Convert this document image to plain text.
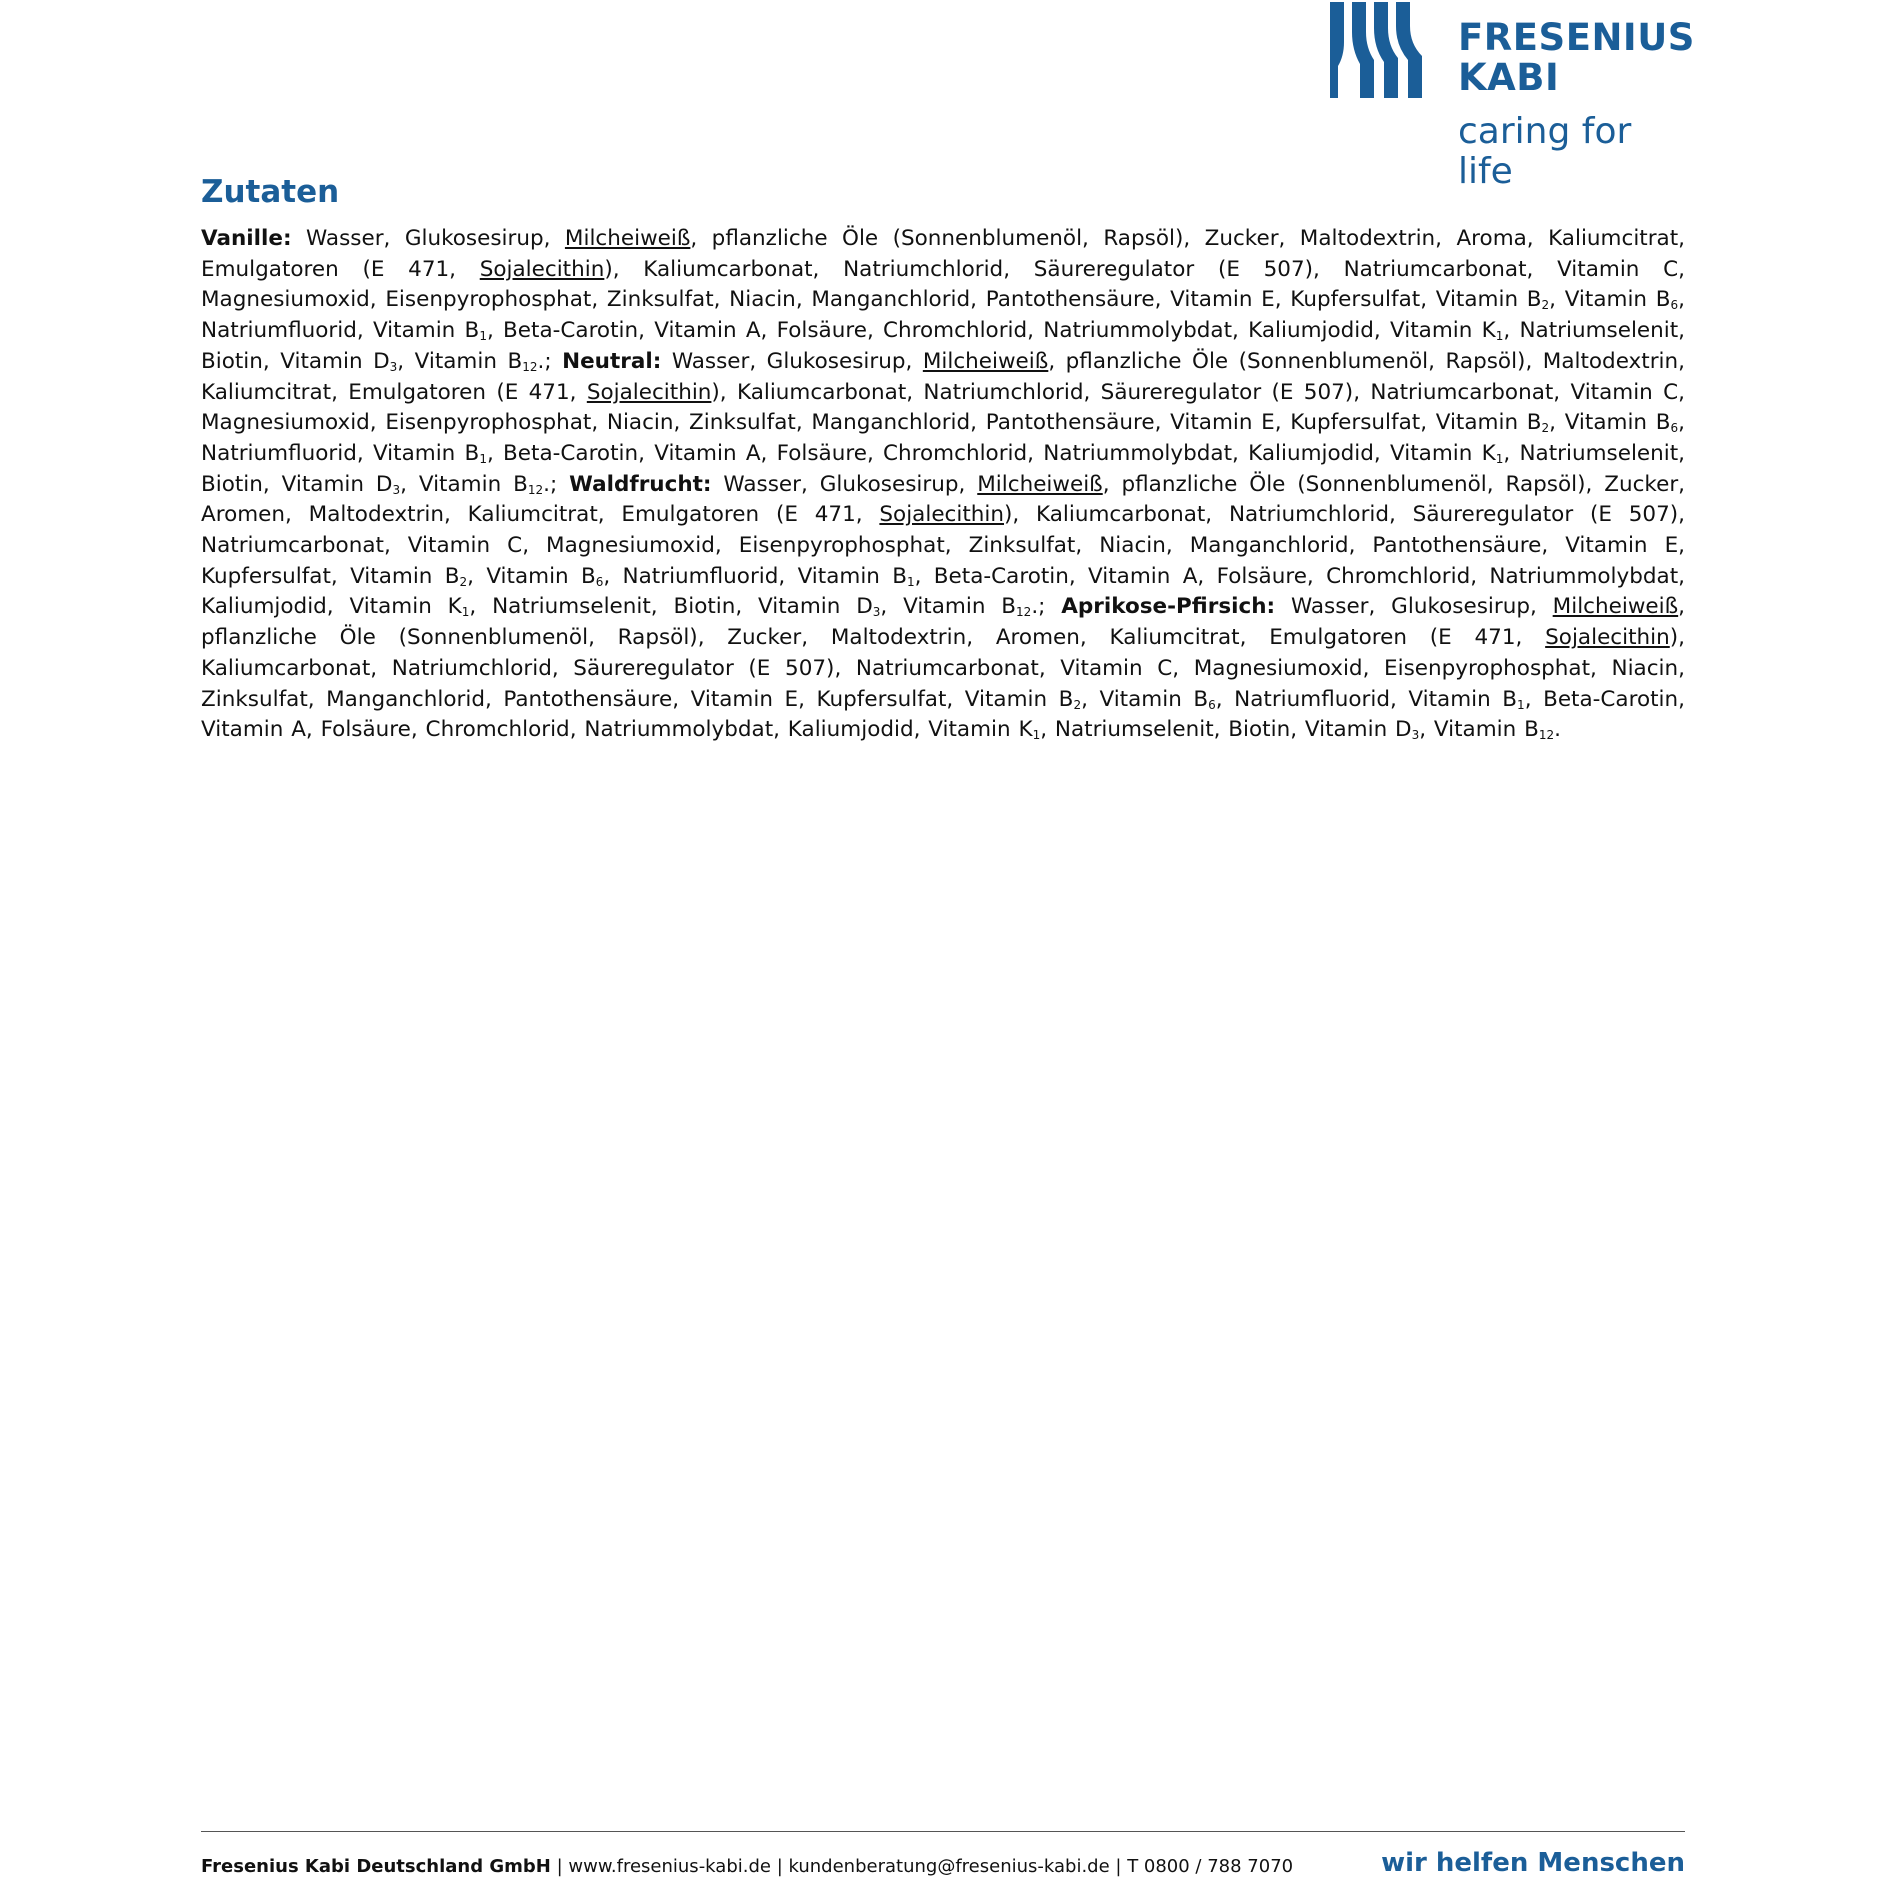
FRESENIUS
KABI
caring for life
Zutaten

Vanille: Wasser, Glukosesirup, Milcheiweiß, pflanzliche Öle (Sonnenblumenöl, Rapsöl), Zucker, Maltodextrin, Aroma, Kaliumcitrat, Emulgatoren (E 471, Sojalecithin), Kaliumcarbonat, Natriumchlorid, Säureregulator (E 507), Natriumcarbonat, Vitamin C, Magnesiumoxid, Eisenpyrophosphat, Zinksulfat, Niacin, Manganchlorid, Pantothensäure, Vitamin E, Kupfersulfat, Vitamin $B_2$, Vitamin $B_6$, Natriumfluorid, Vitamin $B_1$, Beta-Carotin, Vitamin A, Folsäure, Chromchlorid, Natriummolybdat, Kaliumjodid, Vitamin $K_1$, Natriumselenit, Biotin, Vitamin $D_3$, Vitamin $B_{12}$.; Neutral: Wasser, Glukosesirup, Milcheiweiß, pflanzliche Öle (Sonnenblumenöl, Rapsöl), Maltodextrin, Kaliumcitrat, Emulgatoren (E 471, Sojalecithin), Kaliumcarbonat, Natriumchlorid, Säureregulator (E 507), Natriumcarbonat, Vitamin C, Magnesiumoxid, Eisenpyrophosphat, Niacin, Zinksulfat, Manganchlorid, Pantothensäure, Vitamin E, Kupfersulfat, Vitamin $B_2$, Vitamin $B_6$, Natriumfluorid, Vitamin $B_1$, Beta-Carotin, Vitamin A, Folsäure, Chromchlorid, Natriummolybdat, Kaliumjodid, Vitamin $K_1$, Natriumselenit, Biotin, Vitamin $D_3$, Vitamin $B_{12}$.; Waldfrucht: Wasser, Glukosesirup, Milcheiweiß, pflanzliche Öle (Sonnenblumenöl, Rapsöl), Zucker, Aromen, Maltodextrin, Kaliumcitrat, Emulgatoren (E 471, Sojalecithin), Kaliumcarbonat, Natriumchlorid, Säureregulator (E 507), Natriumcarbonat, Vitamin C, Magnesiumoxid, Eisenpyrophosphat, Zinksulfat, Niacin, Manganchlorid, Pantothensäure, Vitamin E, Kupfersulfat, Vitamin $B_2$, Vitamin $B_6$, Natriumfluorid, Vitamin $B_1$, Beta-Carotin, Vitamin A, Folsäure, Chromchlorid, Natriummolybdat, Kaliumjodid, Vitamin $K_1$, Natriumselenit, Biotin, Vitamin $D_3$, Vitamin $B_{12}$.; Aprikose-Pfirsich: Wasser, Glukosesirup, Milcheiweiß, pflanzliche Öle (Sonnenblumenöl, Rapsöl), Zucker, Maltodextrin, Aromen, Kaliumcitrat, Emulgatoren (E 471, Sojalecithin), Kaliumcarbonat, Natriumchlorid, Säureregulator (E 507), Natriumcarbonat, Vitamin C, Magnesiumoxid, Eisenpyrophosphat, Niacin, Zinksulfat, Manganchlorid, Pantothensäure, Vitamin E, Kupfersulfat, Vitamin $B_2$, Vitamin $B_6$, Natriumfluorid, Vitamin $B_1$, Beta-Carotin, Vitamin A, Folsäure, Chromchlorid, Natriummolybdat, Kaliumjodid, Vitamin $K_1$, Natriumselenit, Biotin, Vitamin $D_3$, Vitamin $B_{12}$.

Fresenius Kabi Deutschland GmbH | www.fresenius-kabi.de | kundenberatung@fresenius-kabi.de | T 0800 / 788 7070	wir helfen Menschen
